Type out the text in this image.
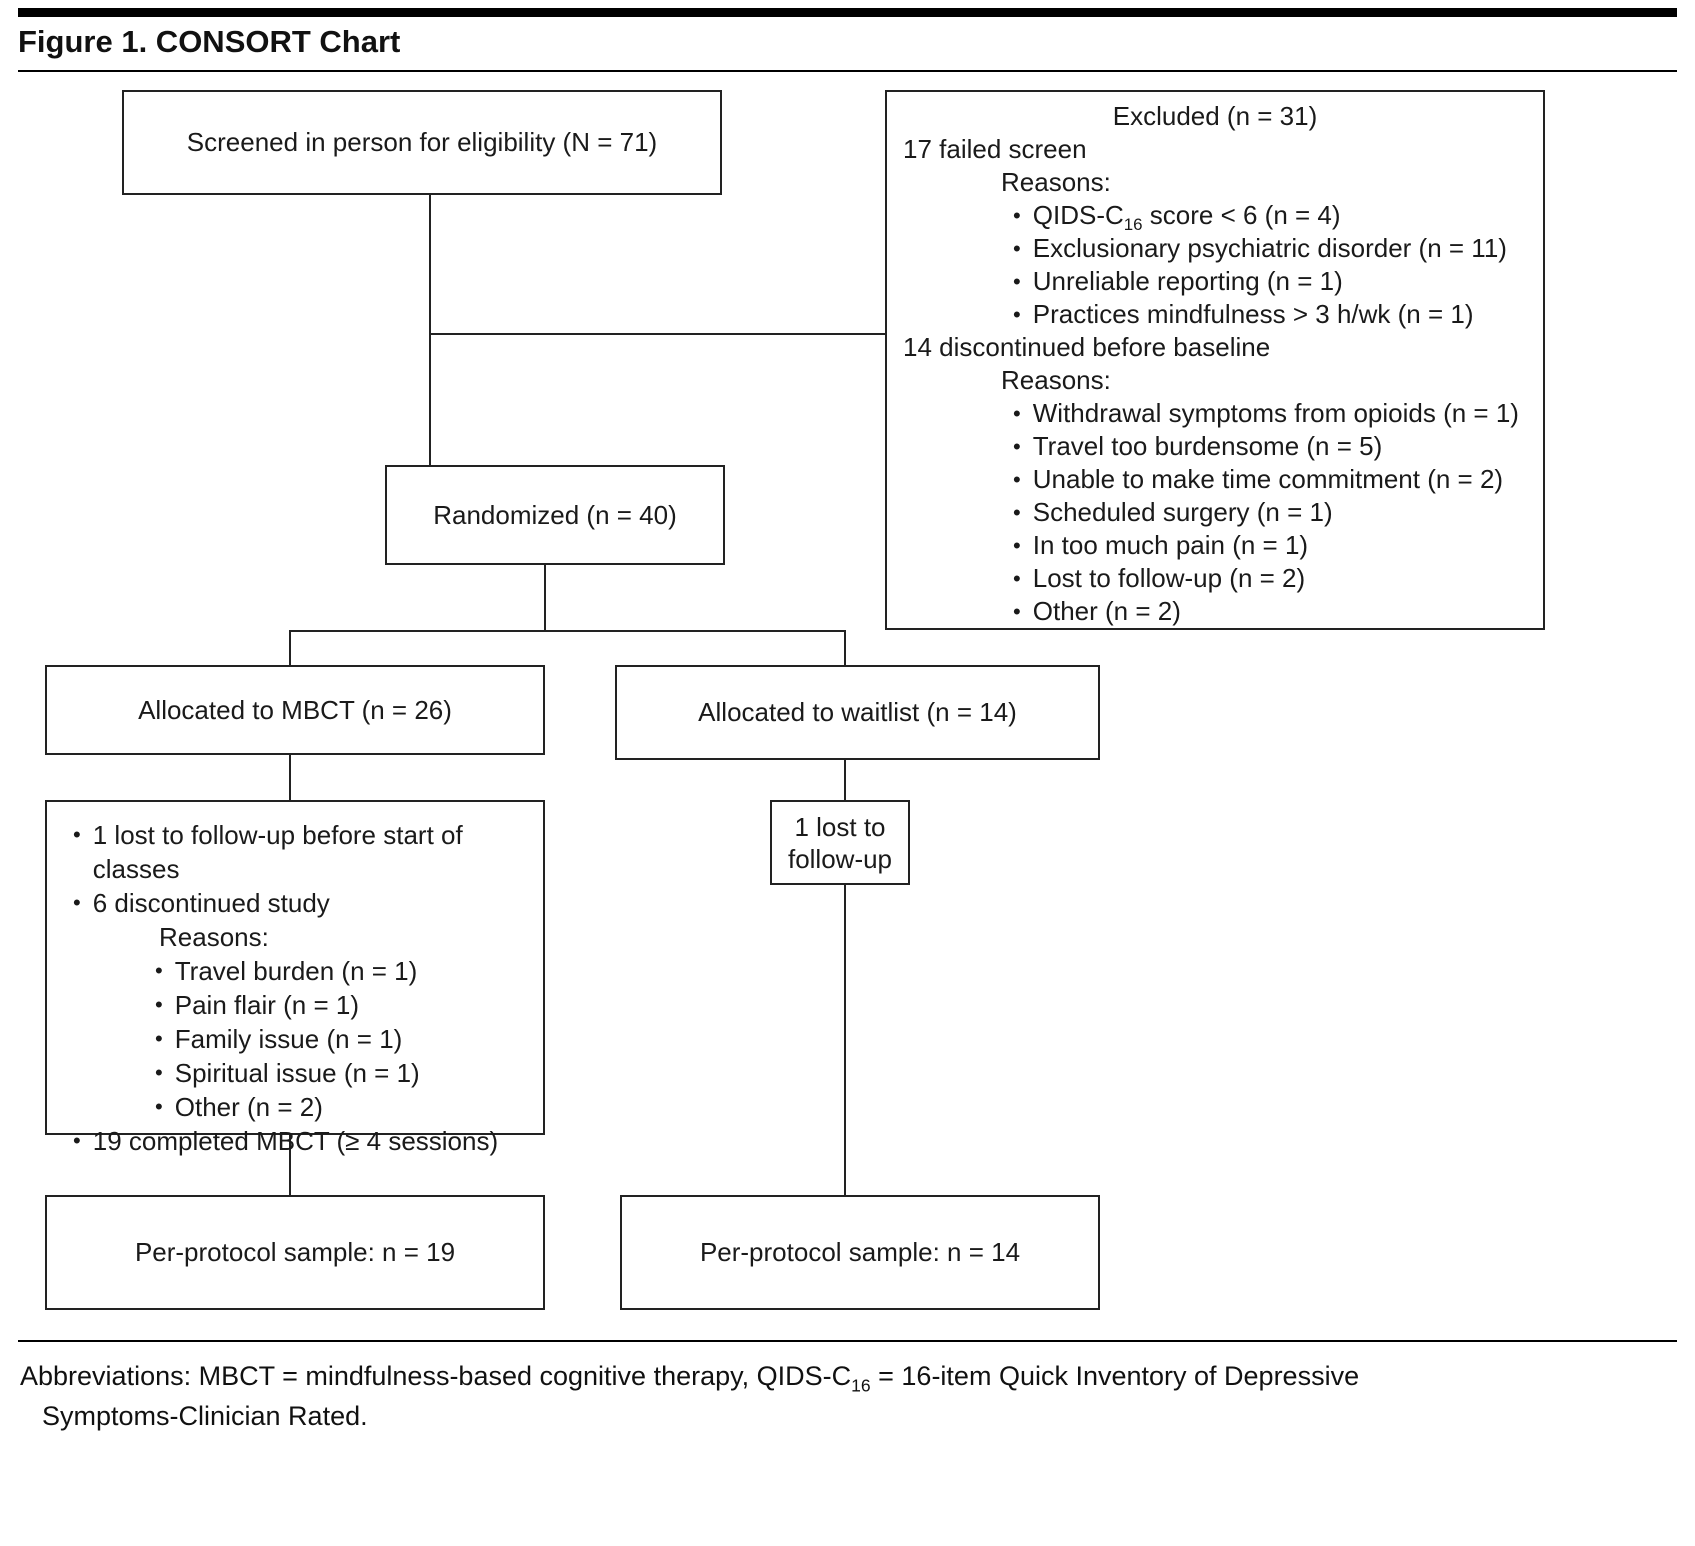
Figure 1. CONSORT Chart
Screened in person for eligibility (N = 71)
Excluded (n = 31)
17 failed screen
Reasons:
• QIDS-$C_{16}$ score < 6 (n = 4)
• Exclusionary psychiatric disorder (n = 11)
• Unreliable reporting (n = 1)
• Practices mindfulness > 3 h/wk (n = 1)
14 discontinued before baseline
Reasons:
• Withdrawal symptoms from opioids (n = 1)
• Travel too burdensome (n = 5)
• Unable to make time commitment (n = 2)
• Scheduled surgery (n = 1)
• In too much pain (n = 1)
• Lost to follow-up (n = 2)
• Other (n = 2)
Randomized (n = 40)
Allocated to MBCT (n = 26)	Allocated to waitlist (n = 14)
• 1 lost to follow-up before start of classes
• 6 discontinued study
Reasons:
• Travel burden (n = 1)
• Pain flair (n = 1)
• Family issue (n = 1)
• Spiritual issue (n = 1)
• Other (n = 2)
• 19 completed MBCT (≥ 4 sessions)
1 lost to
follow-up
Per-protocol sample: n = 19	Per-protocol sample: n = 14
Abbreviations: MBCT = mindfulness-based cognitive therapy, QIDS-$C_{16}$ = 16-item Quick Inventory of Depressive Symptoms-Clinician Rated.
